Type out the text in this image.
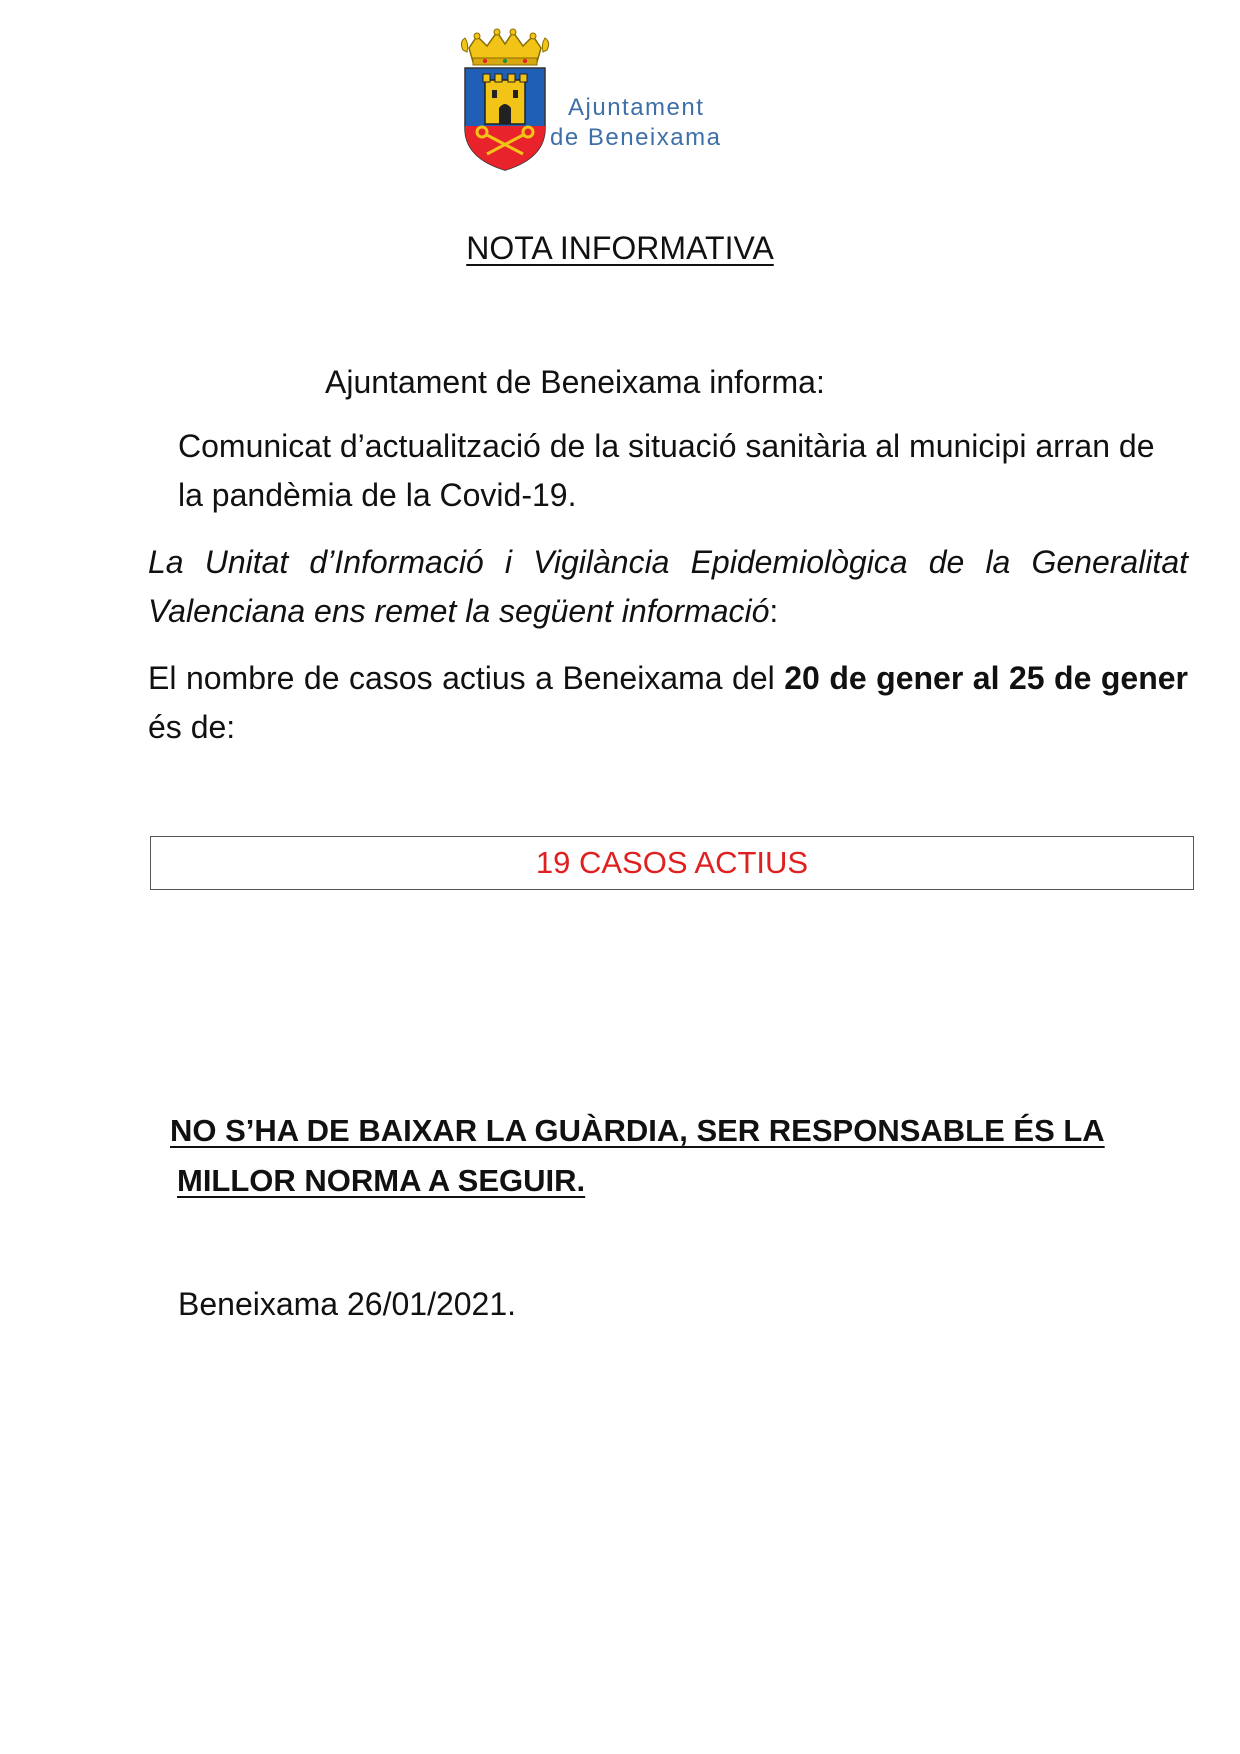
Ajuntament
de Beneixama
NOTA INFORMATIVA
Ajuntament de Beneixama informa:
Comunicat d’actualització de la situació sanitària al municipi arran de la pandèmia de la Covid-19.
La Unitat d’Informació i Vigilància Epidemiològica de la Generalitat Valenciana ens remet la següent informació:
El nombre de casos actius a Beneixama del 20 de gener al 25 de gener és de:
19 CASOS ACTIUS
NO S’HA DE BAIXAR LA GUÀRDIA, SER RESPONSABLE ÉS LA
MILLOR NORMA A SEGUIR.
Beneixama 26/01/2021.
